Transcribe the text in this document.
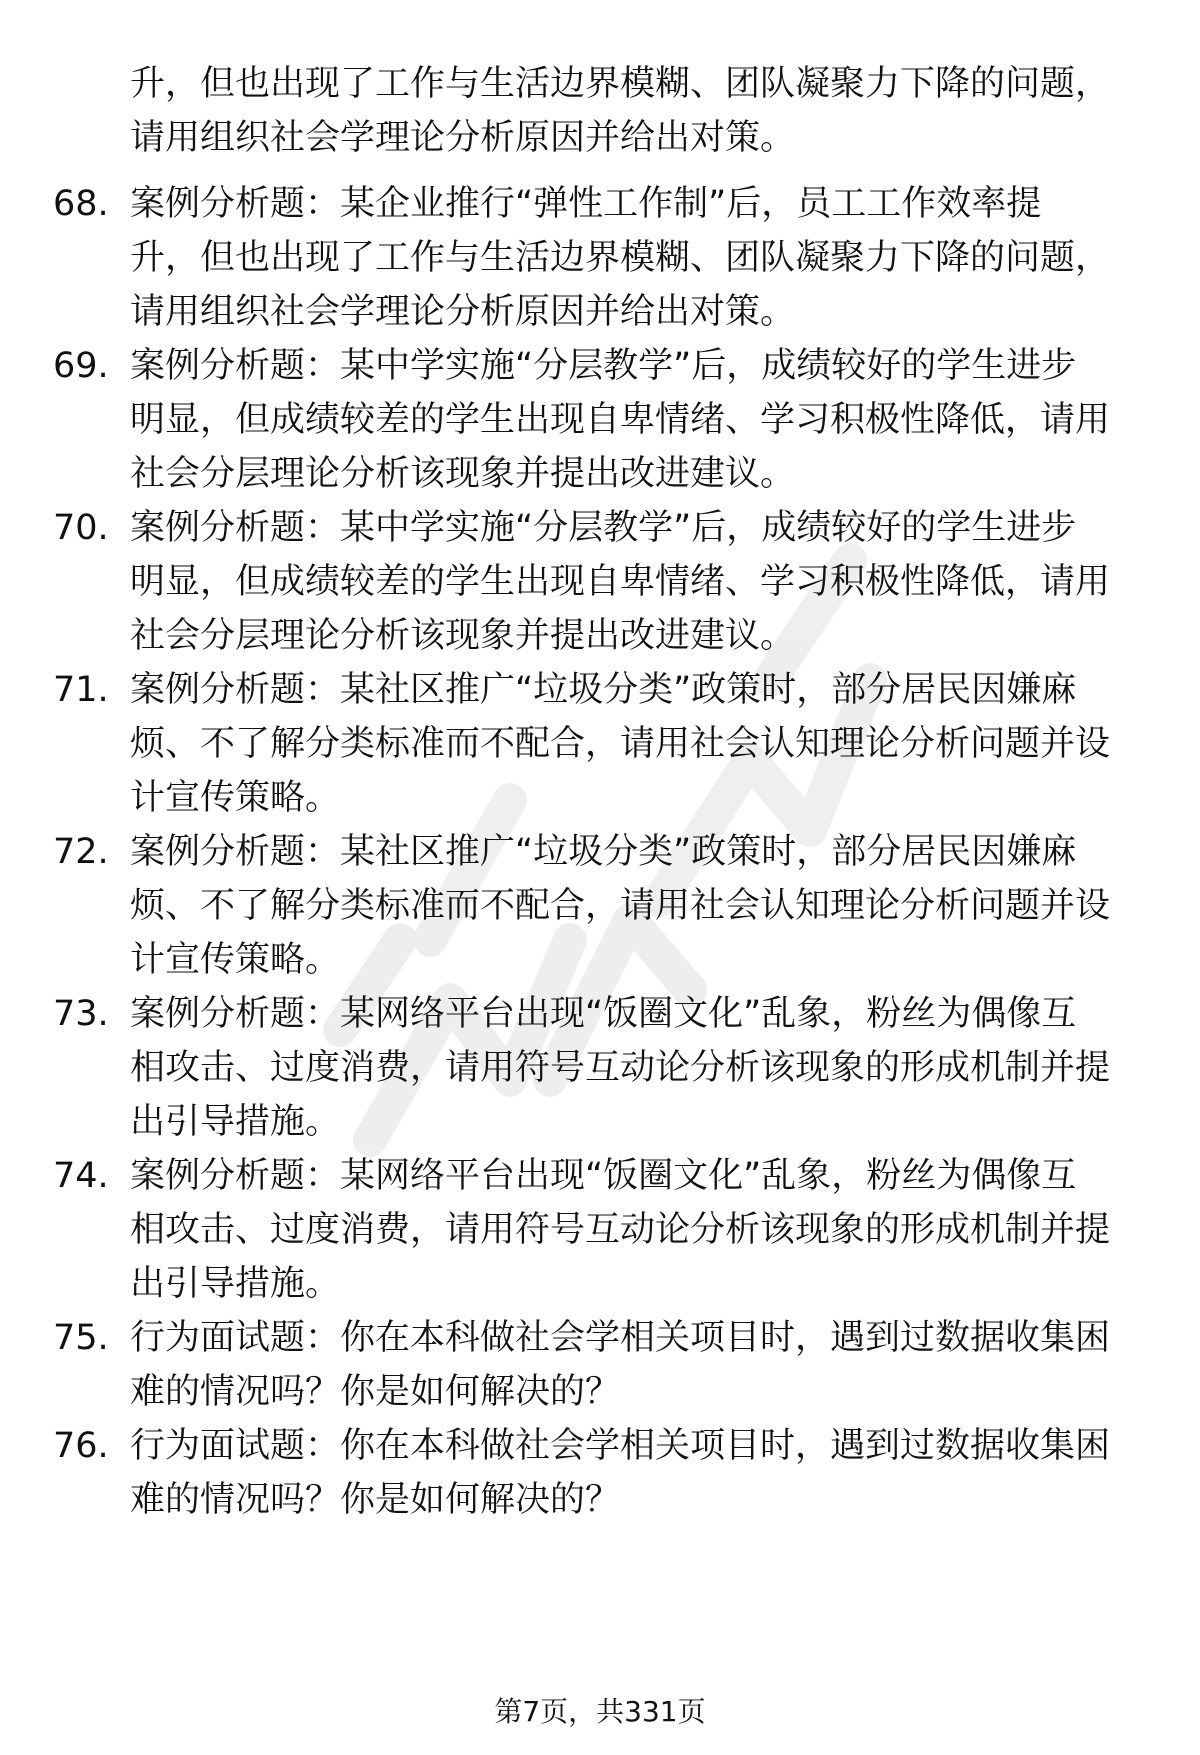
升，但也出现了工作与生活边界模糊、团队凝聚力下降的问题，
请用组织社会学理论分析原因并给出对策。
68. 案例分析题：某企业推行“弹性工作制”后，员工工作效率提
升，但也出现了工作与生活边界模糊、团队凝聚力下降的问题，
请用组织社会学理论分析原因并给出对策。
69. 案例分析题：某中学实施“分层教学”后，成绩较好的学生进步
明显，但成绩较差的学生出现自卑情绪、学习积极性降低，请用
社会分层理论分析该现象并提出改进建议。
70. 案例分析题：某中学实施“分层教学”后，成绩较好的学生进步
明显，但成绩较差的学生出现自卑情绪、学习积极性降低，请用
社会分层理论分析该现象并提出改进建议。
71. 案例分析题：某社区推广“垃圾分类”政策时，部分居民因嫌麻
烦、不了解分类标准而不配合，请用社会认知理论分析问题并设
计宣传策略。
72. 案例分析题：某社区推广“垃圾分类”政策时，部分居民因嫌麻
烦、不了解分类标准而不配合，请用社会认知理论分析问题并设
计宣传策略。
73. 案例分析题：某网络平台出现“饭圈文化”乱象，粉丝为偶像互
相攻击、过度消费，请用符号互动论分析该现象的形成机制并提
出引导措施。
74. 案例分析题：某网络平台出现“饭圈文化”乱象，粉丝为偶像互
相攻击、过度消费，请用符号互动论分析该现象的形成机制并提
出引导措施。
75. 行为面试题：你在本科做社会学相关项目时，遇到过数据收集困
难的情况吗？你是如何解决的？
76. 行为面试题：你在本科做社会学相关项目时，遇到过数据收集困
难的情况吗？你是如何解决的？
第7页，共331页
